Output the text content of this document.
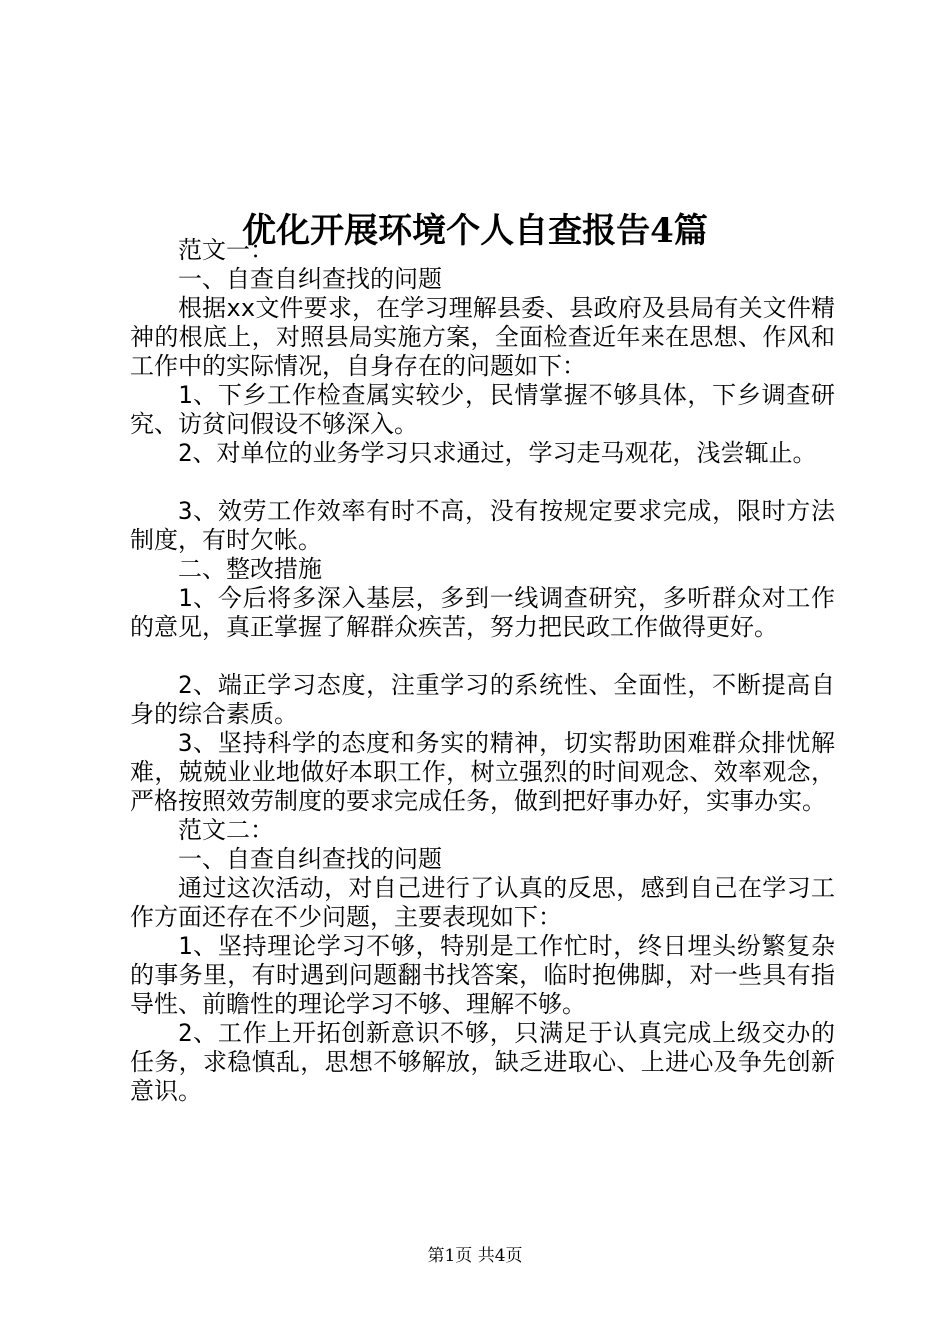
优化开展环境个人自查报告4篇

范文一：

一、自查自纠查找的问题

根据xx文件要求，在学习理解县委、县政府及县局有关文件精神的根底上，对照县局实施方案，全面检查近年来在思想、作风和工作中的实际情况，自身存在的问题如下：

1、下乡工作检查属实较少，民情掌握不够具体，下乡调查研究、访贫问假设不够深入。

2、对单位的业务学习只求通过，学习走马观花，浅尝辄止。

3、效劳工作效率有时不高，没有按规定要求完成，限时方法制度，有时欠帐。

二、整改措施

1、今后将多深入基层，多到一线调查研究，多听群众对工作的意见，真正掌握了解群众疾苦，努力把民政工作做得更好。

2、端正学习态度，注重学习的系统性、全面性，不断提高自身的综合素质。

3、坚持科学的态度和务实的精神，切实帮助困难群众排忧解难，兢兢业业地做好本职工作，树立强烈的时间观念、效率观念，严格按照效劳制度的要求完成任务，做到把好事办好，实事办实。

范文二：

一、自查自纠查找的问题

通过这次活动，对自己进行了认真的反思，感到自己在学习工作方面还存在不少问题，主要表现如下：

1、坚持理论学习不够，特别是工作忙时，终日埋头纷繁复杂的事务里，有时遇到问题翻书找答案，临时抱佛脚，对一些具有指导性、前瞻性的理论学习不够、理解不够。

2、工作上开拓创新意识不够，只满足于认真完成上级交办的任务，求稳慎乱，思想不够解放，缺乏进取心、上进心及争先创新意识。

第1页 共4页
